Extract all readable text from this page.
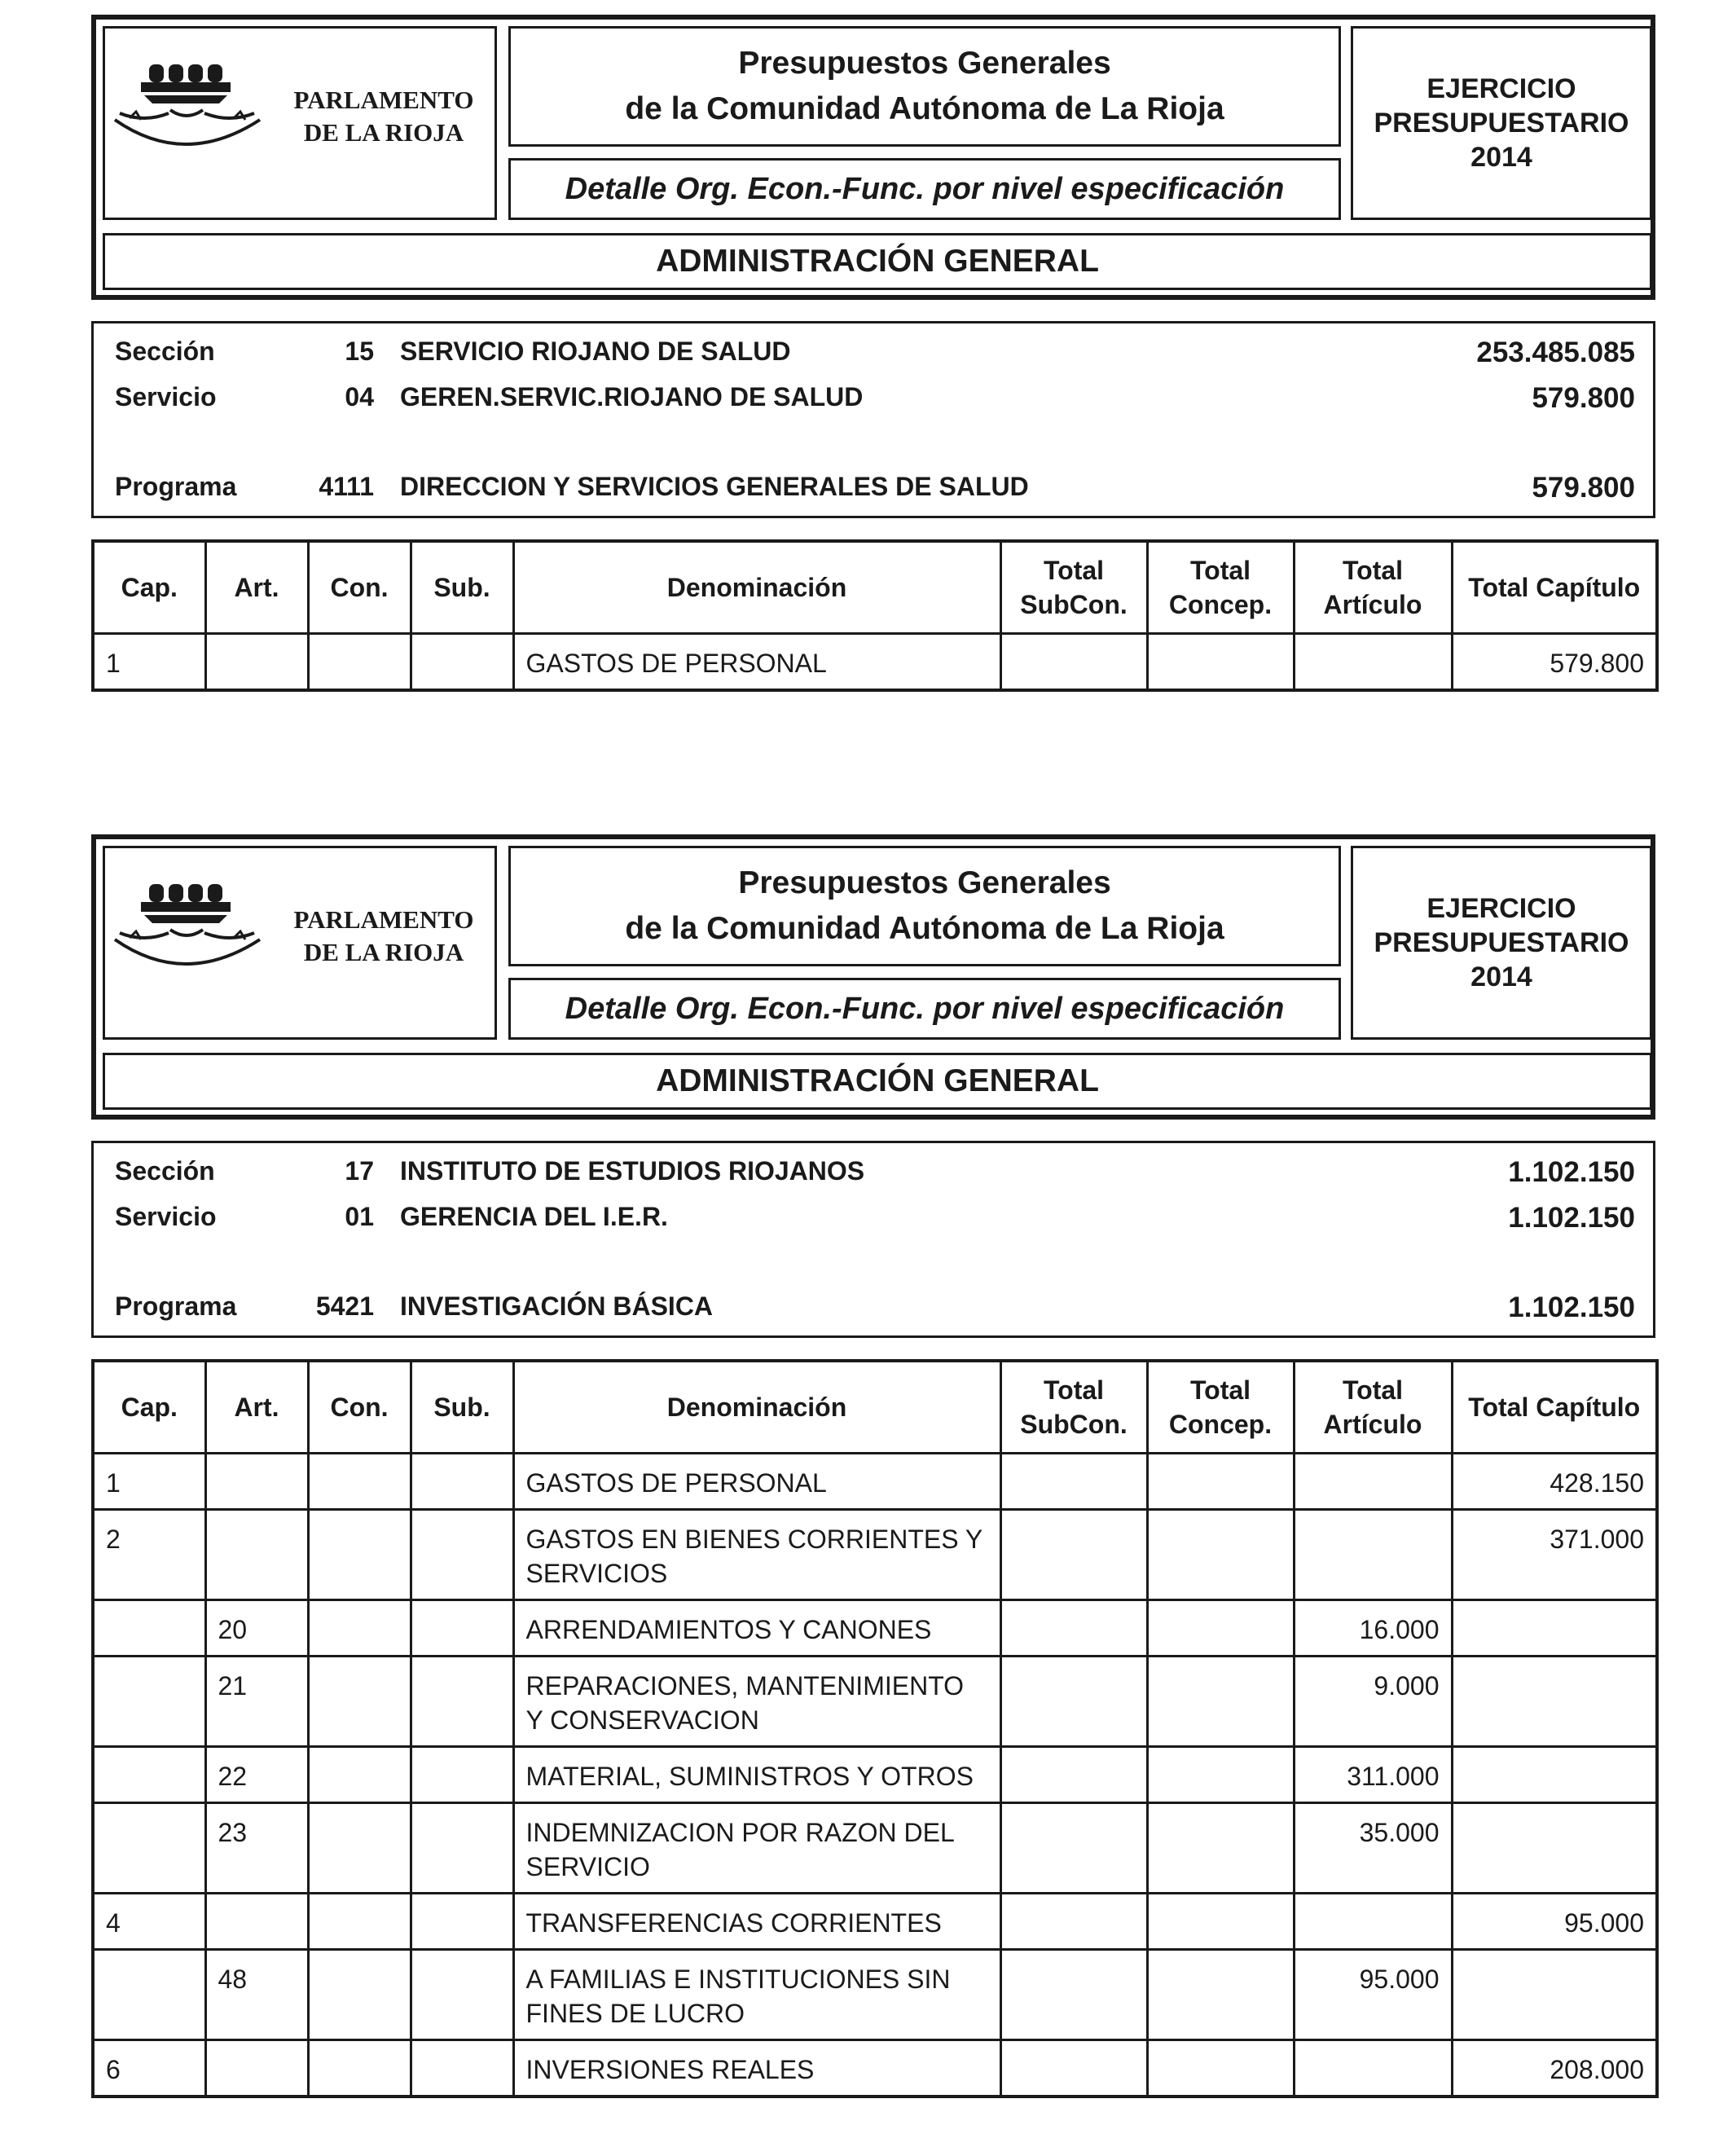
PARLAMENTO
DE LA RIOJA
Presupuestos Generales
de la Comunidad Autónoma de La Rioja
Detalle Org. Econ.-Func. por nivel especificación
EJERCICIO
PRESUPUESTARIO
2014
ADMINISTRACIÓN GENERAL
Sección	15 SERVICIO RIOJANO DE SALUD	253.485.085
Servicio	04 GEREN.SERVIC.RIOJANO DE SALUD	579.800
Programa	4111 DIRECCION Y SERVICIOS GENERALES DE SALUD	579.800
Cap.	Art.	Con.	Sub.	Denominación	Total SubCon.	Total Concep.	Total Artículo	Total Capítulo
1				GASTOS DE PERSONAL				579.800
PARLAMENTO
DE LA RIOJA
Presupuestos Generales
de la Comunidad Autónoma de La Rioja
Detalle Org. Econ.-Func. por nivel especificación
EJERCICIO
PRESUPUESTARIO
2014
ADMINISTRACIÓN GENERAL
Sección	17 INSTITUTO DE ESTUDIOS RIOJANOS	1.102.150
Servicio	01 GERENCIA DEL I.E.R.	1.102.150
Programa	5421 INVESTIGACIÓN BÁSICA	1.102.150
Cap.	Art.	Con.	Sub.	Denominación	Total SubCon.	Total Concep.	Total Artículo	Total Capítulo
1				GASTOS DE PERSONAL				428.150
2				GASTOS EN BIENES CORRIENTES Y SERVICIOS				371.000
	20			ARRENDAMIENTOS Y CANONES			16.000	
	21			REPARACIONES, MANTENIMIENTO Y CONSERVACION			9.000	
	22			MATERIAL, SUMINISTROS Y OTROS			311.000	
	23			INDEMNIZACION POR RAZON DEL SERVICIO			35.000	
4				TRANSFERENCIAS CORRIENTES				95.000
	48			A FAMILIAS E INSTITUCIONES SIN FINES DE LUCRO			95.000	
6				INVERSIONES REALES				208.000
